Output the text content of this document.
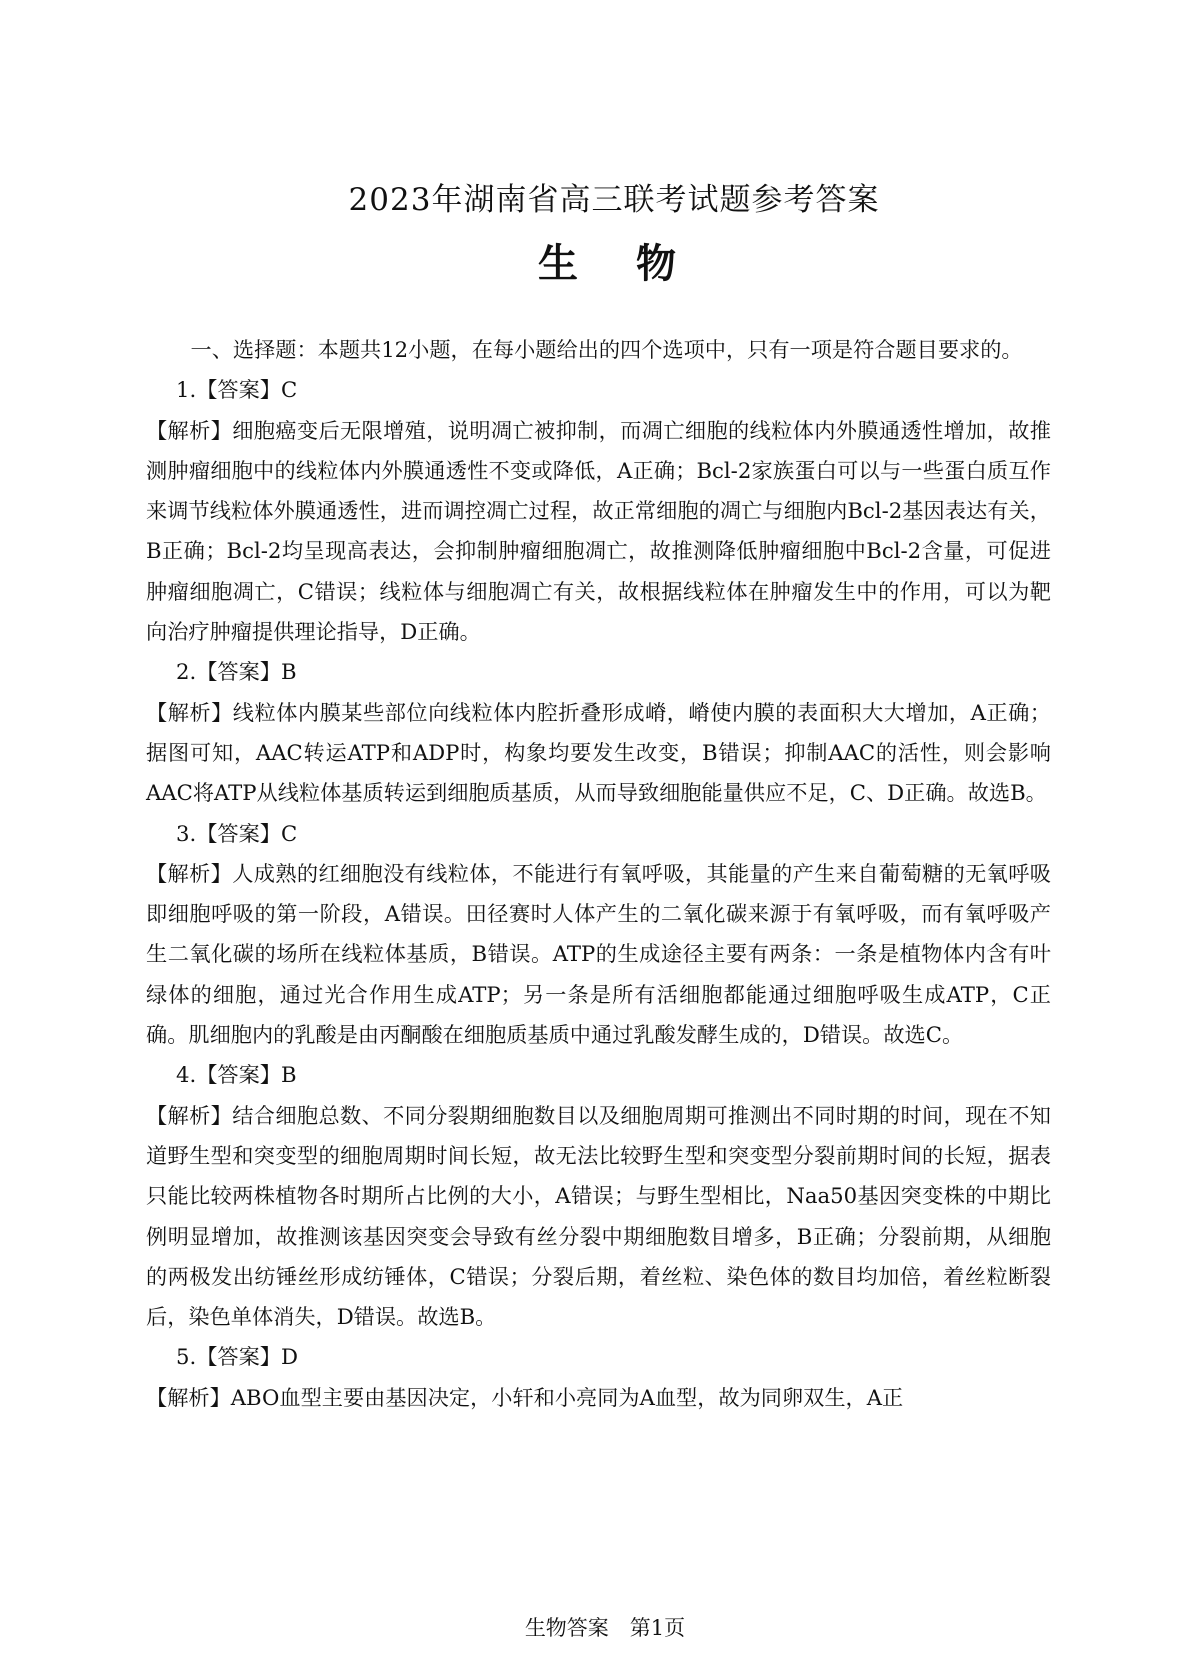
2023年湖南省高三联考试题参考答案
生物

一、选择题：本题共12小题，在每小题给出的四个选项中，只有一项是符合题目要求的。

1.【答案】C

【解析】细胞癌变后无限增殖，说明凋亡被抑制，而凋亡细胞的线粒体内外膜通透性增加，故推测肿瘤细胞中的线粒体内外膜通透性不变或降低，A正确；Bcl-2家族蛋白可以与一些蛋白质互作来调节线粒体外膜通透性，进而调控凋亡过程，故正常细胞的凋亡与细胞内Bcl-2基因表达有关，B正确；Bcl-2均呈现高表达，会抑制肿瘤细胞凋亡，故推测降低肿瘤细胞中Bcl-2含量，可促进肿瘤细胞凋亡，C错误；线粒体与细胞凋亡有关，故根据线粒体在肿瘤发生中的作用，可以为靶向治疗肿瘤提供理论指导，D正确。

2.【答案】B

【解析】线粒体内膜某些部位向线粒体内腔折叠形成嵴，嵴使内膜的表面积大大增加，A正确；据图可知，AAC转运ATP和ADP时，构象均要发生改变，B错误；抑制AAC的活性，则会影响AAC将ATP从线粒体基质转运到细胞质基质，从而导致细胞能量供应不足，C、D正确。故选B。

3.【答案】C

【解析】人成熟的红细胞没有线粒体，不能进行有氧呼吸，其能量的产生来自葡萄糖的无氧呼吸即细胞呼吸的第一阶段，A错误。田径赛时人体产生的二氧化碳来源于有氧呼吸，而有氧呼吸产生二氧化碳的场所在线粒体基质，B错误。ATP的生成途径主要有两条：一条是植物体内含有叶绿体的细胞，通过光合作用生成ATP；另一条是所有活细胞都能通过细胞呼吸生成ATP，C正确。肌细胞内的乳酸是由丙酮酸在细胞质基质中通过乳酸发酵生成的，D错误。故选C。

4.【答案】B

【解析】结合细胞总数、不同分裂期细胞数目以及细胞周期可推测出不同时期的时间，现在不知道野生型和突变型的细胞周期时间长短，故无法比较野生型和突变型分裂前期时间的长短，据表只能比较两株植物各时期所占比例的大小，A错误；与野生型相比，Naa50基因突变株的中期比例明显增加，故推测该基因突变会导致有丝分裂中期细胞数目增多，B正确；分裂前期，从细胞的两极发出纺锤丝形成纺锤体，C错误；分裂后期，着丝粒、染色体的数目均加倍，着丝粒断裂后，染色单体消失，D错误。故选B。

5.【答案】D

【解析】ABO血型主要由基因决定，小轩和小亮同为A血型，故为同卵双生，A正

生物答案　第1页
